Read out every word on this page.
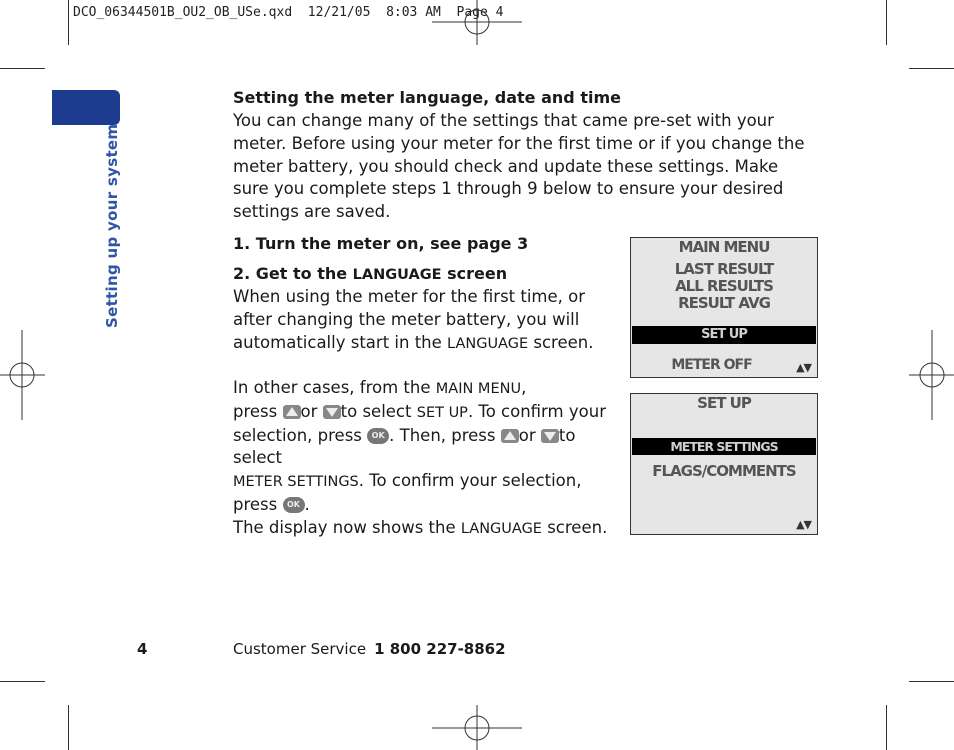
DCO_06344501B_OU2_OB_USe.qxd  12/21/05  8:03 AM  Page 4
Setting up your system
Setting the meter language, date and time
You can change many of the settings that came pre-set with your meter. Before using your meter for the first time or if you change the meter battery, you should check and update these settings. Make sure you complete steps 1 through 9 below to ensure your desired settings are saved.
1. Turn the meter on, see page 3
2. Get to the LANGUAGE screen
When using the meter for the first time, or after changing the meter battery, you will automatically start in the LANGUAGE screen.
In other cases, from the MAIN MENU,
press or to select SET UP. To confirm your selection, press OK . Then, press or to select
METER SETTINGS. To confirm your selection,
press OK .
The display now shows the LANGUAGE screen.
MAIN MENU
LAST RESULT
ALL RESULTS
RESULT AVG
SET UP
METER OFF	▲▼
SET UP
METER SETTINGS
FLAGS/COMMENTS
▲▼
4	Customer Service 1 800 227-8862
